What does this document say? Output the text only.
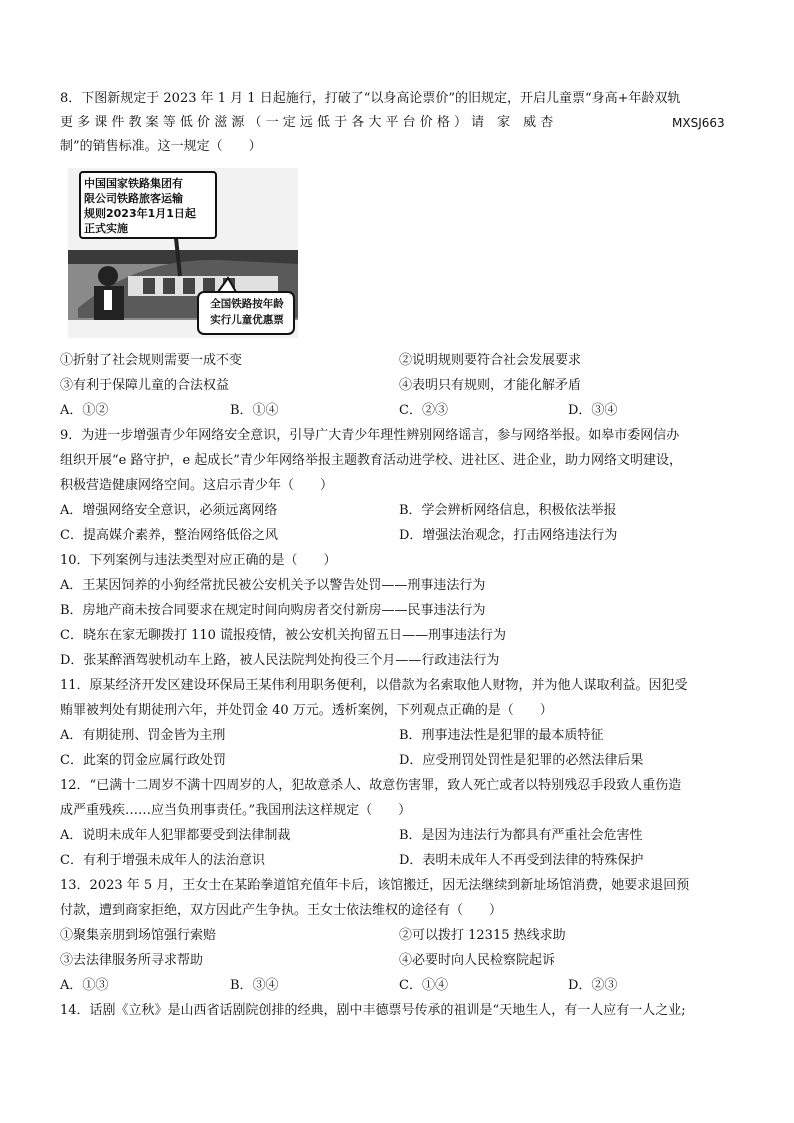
8．下图新规定于 2023 年 1 月 1 日起施行，打破了“以身高论票价”的旧规定，开启儿童票“身高+年龄双轨
更 多 课 件 教 案 等 低 价 滋 源 （ 一 定 远 低 于 各 大 平 台 价 格 ） 请　家　威 杏	MXSJ663
制”的销售标准。这一规定（　　）
中国国家铁路集团有
限公司铁路旅客运输
规则2023年1月1日起
正式实施
全国铁路按年龄
实行儿童优惠票
①折射了社会规则需要一成不变	②说明规则要符合社会发展要求
③有利于保障儿童的合法权益	④表明只有规则，才能化解矛盾
A．①②	B．①④	C．②③	D．③④
9．为进一步增强青少年网络安全意识，引导广大青少年理性辨别网络谣言，参与网络举报。如皋市委网信办
组织开展“e 路守护，e 起成长”青少年网络举报主题教育活动进学校、进社区、进企业，助力网络文明建设，
积极营造健康网络空间。这启示青少年（　　）
A．增强网络安全意识，必须远离网络	B．学会辨析网络信息，积极依法举报
C．提高媒介素养，整治网络低俗之风	D．增强法治观念，打击网络违法行为
10．下列案例与违法类型对应正确的是（　　）
A．王某因饲养的小狗经常扰民被公安机关予以警告处罚——刑事违法行为
B．房地产商未按合同要求在规定时间向购房者交付新房——民事违法行为
C．晓东在家无聊拨打 110 谎报疫情，被公安机关拘留五日——刑事违法行为
D．张某醉酒驾驶机动车上路，被人民法院判处拘役三个月——行政违法行为
11．原某经济开发区建设环保局王某伟利用职务便利，以借款为名索取他人财物，并为他人谋取利益。因犯受
贿罪被判处有期徒刑六年，并处罚金 40 万元。透析案例，下列观点正确的是（　　）
A．有期徒刑、罚金皆为主刑	B．刑事违法性是犯罪的最本质特征
C．此案的罚金应属行政处罚	D．应受刑罚处罚性是犯罪的必然法律后果
12．“已满十二周岁不满十四周岁的人，犯故意杀人、故意伤害罪，致人死亡或者以特别残忍手段致人重伤造
成严重残疾……应当负刑事责任。”我国刑法这样规定（　　）
A．说明未成年人犯罪都要受到法律制裁	B．是因为违法行为都具有严重社会危害性
C．有利于增强未成年人的法治意识	D．表明未成年人不再受到法律的特殊保护
13．2023 年 5 月，王女士在某跆拳道馆充值年卡后，该馆搬迁，因无法继续到新址场馆消费，她要求退回预
付款，遭到商家拒绝，双方因此产生争执。王女士依法维权的途径有（　　）
①聚集亲朋到场馆强行索赔	②可以拨打 12315 热线求助
③去法律服务所寻求帮助	④必要时向人民检察院起诉
A．①③	B．③④	C．①④	D．②③
14．话剧《立秋》是山西省话剧院创排的经典，剧中丰德票号传承的祖训是“天地生人，有一人应有一人之业;
